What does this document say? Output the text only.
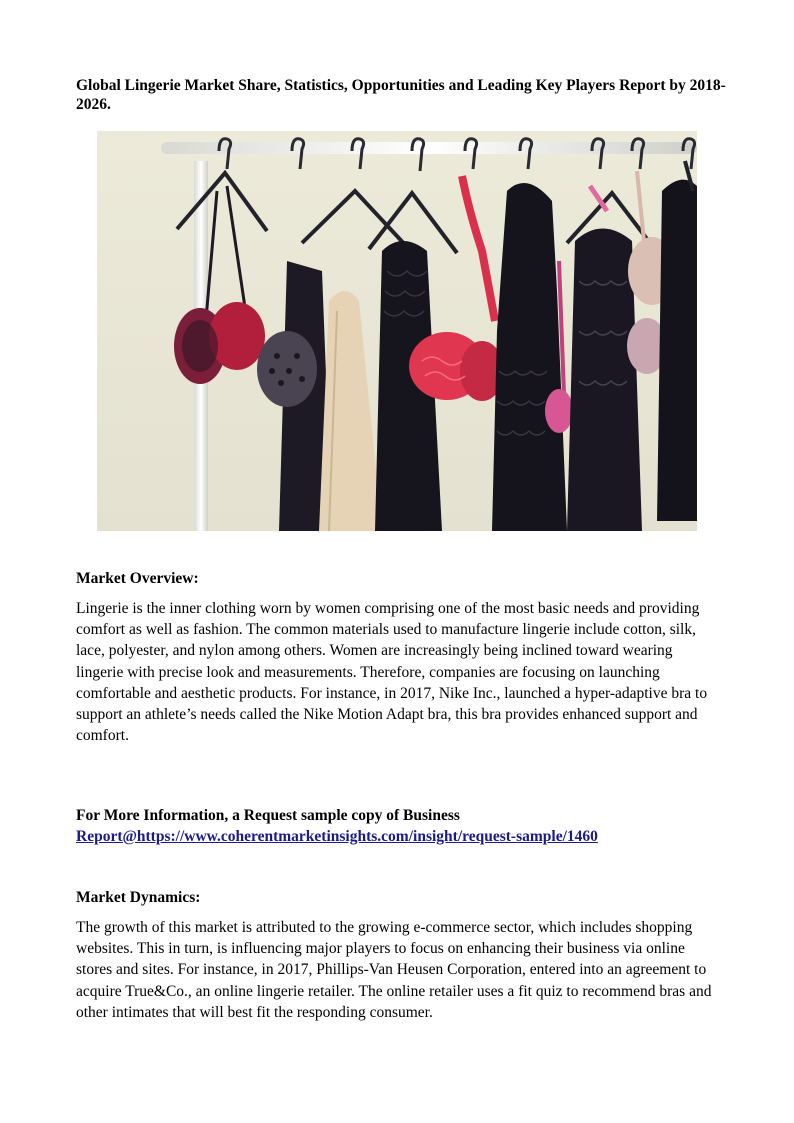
Global Lingerie Market Share, Statistics, Opportunities and Leading Key Players Report by 2018-2026.
Market Overview:

Lingerie is the inner clothing worn by women comprising one of the most basic needs and providing comfort as well as fashion. The common materials used to manufacture lingerie include cotton, silk, lace, polyester, and nylon among others. Women are increasingly being inclined toward wearing lingerie with precise look and measurements. Therefore, companies are focusing on launching comfortable and aesthetic products. For instance, in 2017, Nike Inc., launched a hyper-adaptive bra to support an athlete’s needs called the Nike Motion Adapt bra, this bra provides enhanced support and comfort.

For More Information, a Request sample copy of Business
Report@https://www.coherentmarketinsights.com/insight/request-sample/1460

Market Dynamics:

The growth of this market is attributed to the growing e-commerce sector, which includes shopping websites. This in turn, is influencing major players to focus on enhancing their business via online stores and sites. For instance, in 2017, Phillips-Van Heusen Corporation, entered into an agreement to acquire True&Co., an online lingerie retailer. The online retailer uses a fit quiz to recommend bras and other intimates that will best fit the responding consumer.
